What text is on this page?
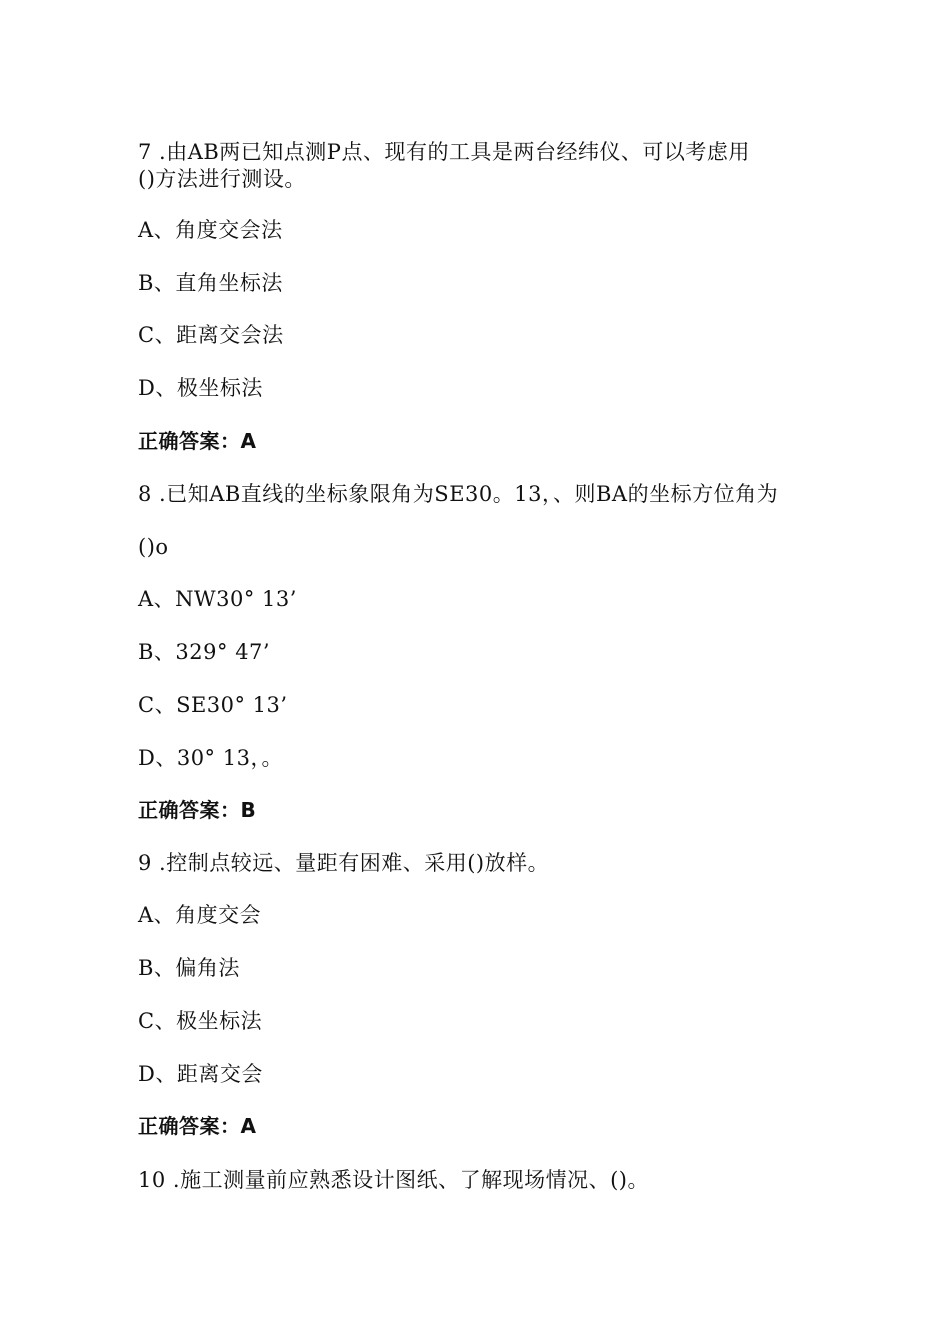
7 .由AB两已知点测P点、现有的工具是两台经纬仪、可以考虑用
()方法进行测设。
A、角度交会法
B、直角坐标法
C、距离交会法
D、极坐标法
正确答案：A
8 .已知AB直线的坐标象限角为SE30。13，、则BA的坐标方位角为
()o
A、NW30° 13’
B、329° 47’
C、SE30° 13’
D、30° 13，。
正确答案：B
9 .控制点较远、量距有困难、采用()放样。
A、角度交会
B、偏角法
C、极坐标法
D、距离交会
正确答案：A
10 .施工测量前应熟悉设计图纸、了解现场情况、()。
